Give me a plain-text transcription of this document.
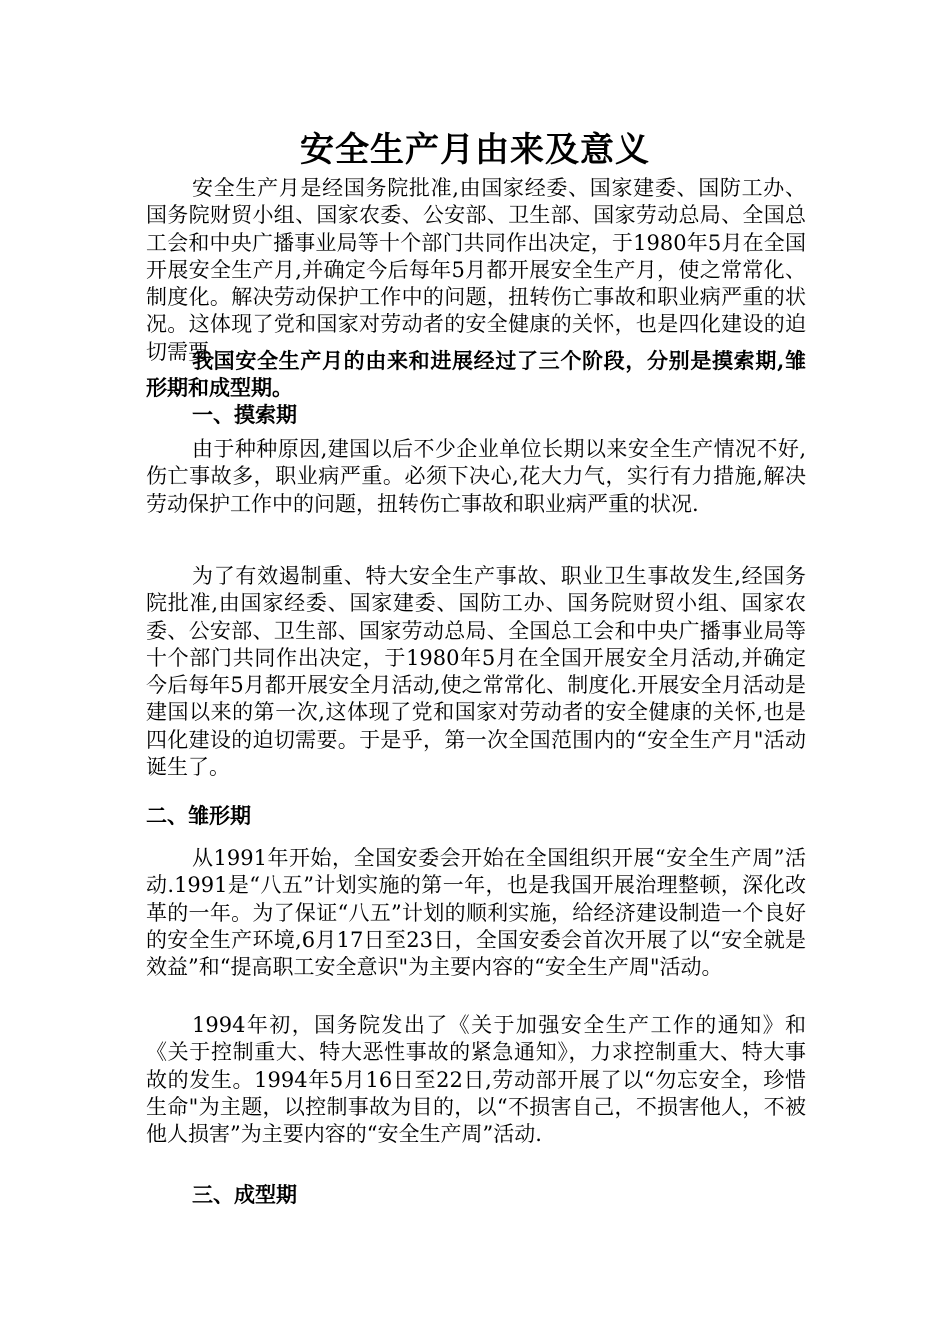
安全生产月由来及意义

安全生产月是经国务院批准,由国家经委、国家建委、国防工办、国务院财贸小组、国家农委、公安部、卫生部、国家劳动总局、全国总工会和中央广播事业局等十个部门共同作出决定，于1980年5月在全国开展安全生产月,并确定今后每年5月都开展安全生产月，使之常常化、制度化。解决劳动保护工作中的问题，扭转伤亡事故和职业病严重的状况。这体现了党和国家对劳动者的安全健康的关怀，也是四化建设的迫切需要.

我国安全生产月的由来和进展经过了三个阶段，分别是摸索期,雏形期和成型期。

一、摸索期

由于种种原因,建国以后不少企业单位长期以来安全生产情况不好,伤亡事故多，职业病严重。必须下决心,花大力气，实行有力措施,解决劳动保护工作中的问题，扭转伤亡事故和职业病严重的状况.

为了有效遏制重、特大安全生产事故、职业卫生事故发生,经国务院批准,由国家经委、国家建委、国防工办、国务院财贸小组、国家农委、公安部、卫生部、国家劳动总局、全国总工会和中央广播事业局等十个部门共同作出决定，于1980年5月在全国开展安全月活动,并确定今后每年5月都开展安全月活动,使之常常化、制度化.开展安全月活动是建国以来的第一次,这体现了党和国家对劳动者的安全健康的关怀,也是四化建设的迫切需要。于是乎，第一次全国范围内的“安全生产月"活动诞生了。

二、雏形期

从1991年开始，全国安委会开始在全国组织开展“安全生产周”活动.1991是“八五”计划实施的第一年，也是我国开展治理整顿，深化改革的一年。为了保证“八五”计划的顺利实施，给经济建设制造一个良好的安全生产环境,6月17日至23日，全国安委会首次开展了以“安全就是效益”和“提高职工安全意识"为主要内容的“安全生产周"活动。

1994年初，国务院发出了《关于加强安全生产工作的通知》和《关于控制重大、特大恶性事故的紧急通知》，力求控制重大、特大事故的发生。1994年5月16日至22日,劳动部开展了以“勿忘安全，珍惜生命"为主题，以控制事故为目的，以“不损害自己，不损害他人，不被他人损害”为主要内容的“安全生产周”活动.

三、成型期
